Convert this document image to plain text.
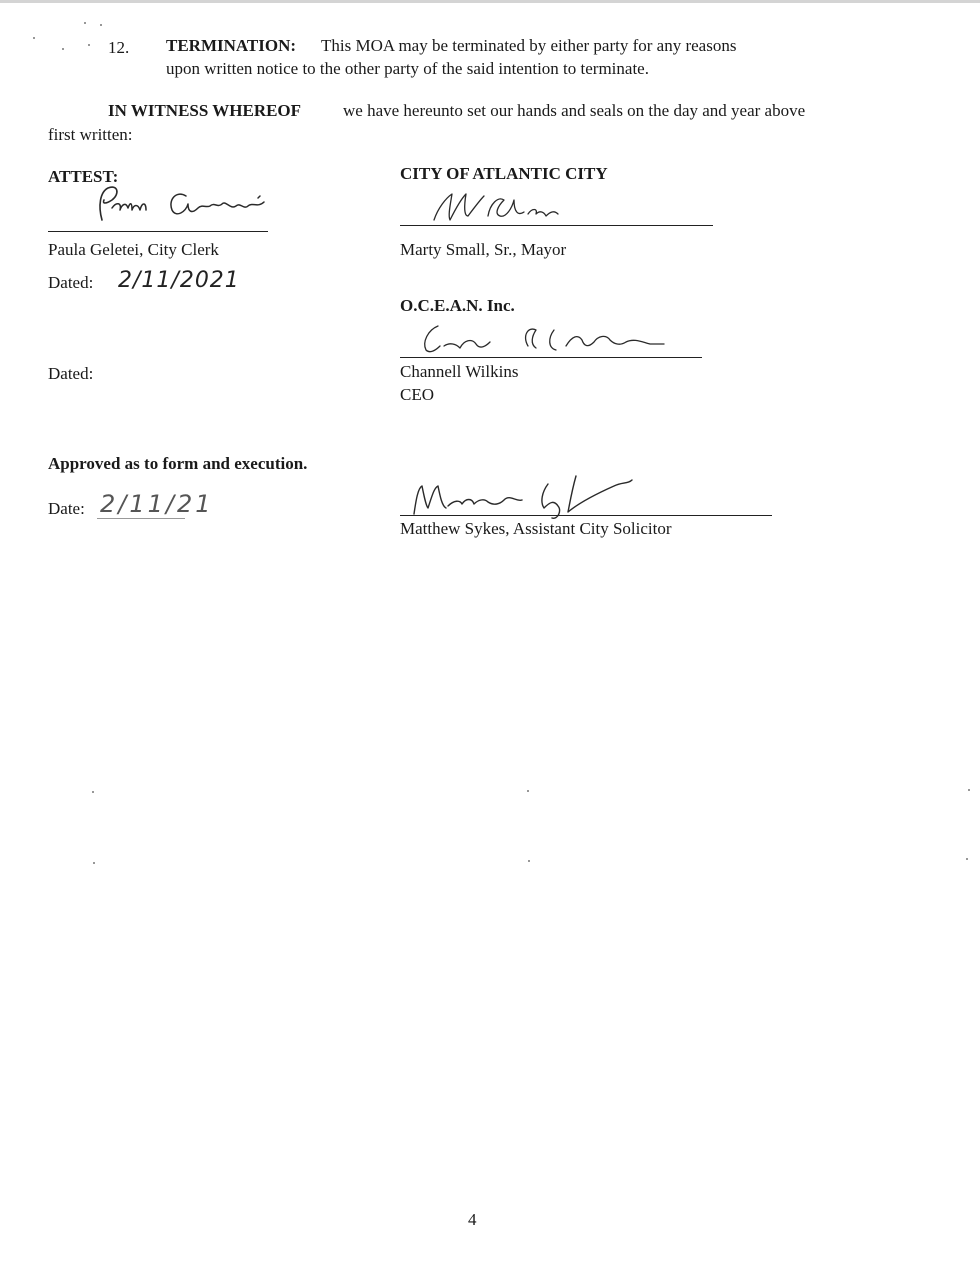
12. TERMINATION: This MOA may be terminated by either party for any reasons
upon written notice to the other party of the said intention to terminate.
IN WITNESS WHEREOF we have hereunto set our hands and seals on the day and year above
first written:
ATTEST:
Paula Geletei, City Clerk
Dated: 2/11/2021
CITY OF ATLANTIC CITY
Marty Small, Sr., Mayor
O.C.E.A.N. Inc.
Channell Wilkins
CEO
Dated:
Approved as to form and execution.
Date: 2/11/21
Matthew Sykes, Assistant City Solicitor
4
